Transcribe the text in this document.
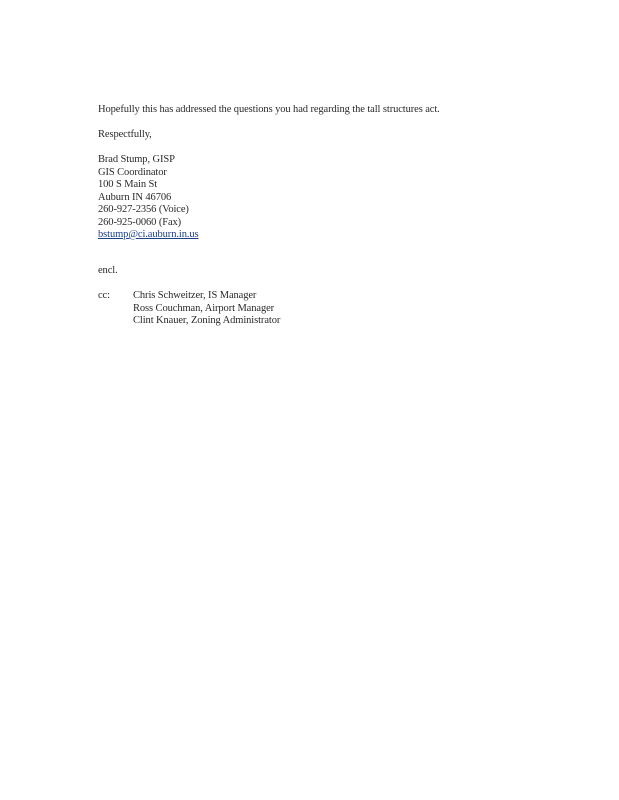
Hopefully this has addressed the questions you had regarding the tall structures act.
Respectfully,
Brad Stump, GISP
GIS Coordinator
100 S Main St
Auburn IN 46706
260-927-2356 (Voice)
260-925-0060 (Fax)
bstump@ci.auburn.in.us
encl.
cc: Chris Schweitzer, IS Manager
Ross Couchman, Airport Manager
Clint Knauer, Zoning Administrator
